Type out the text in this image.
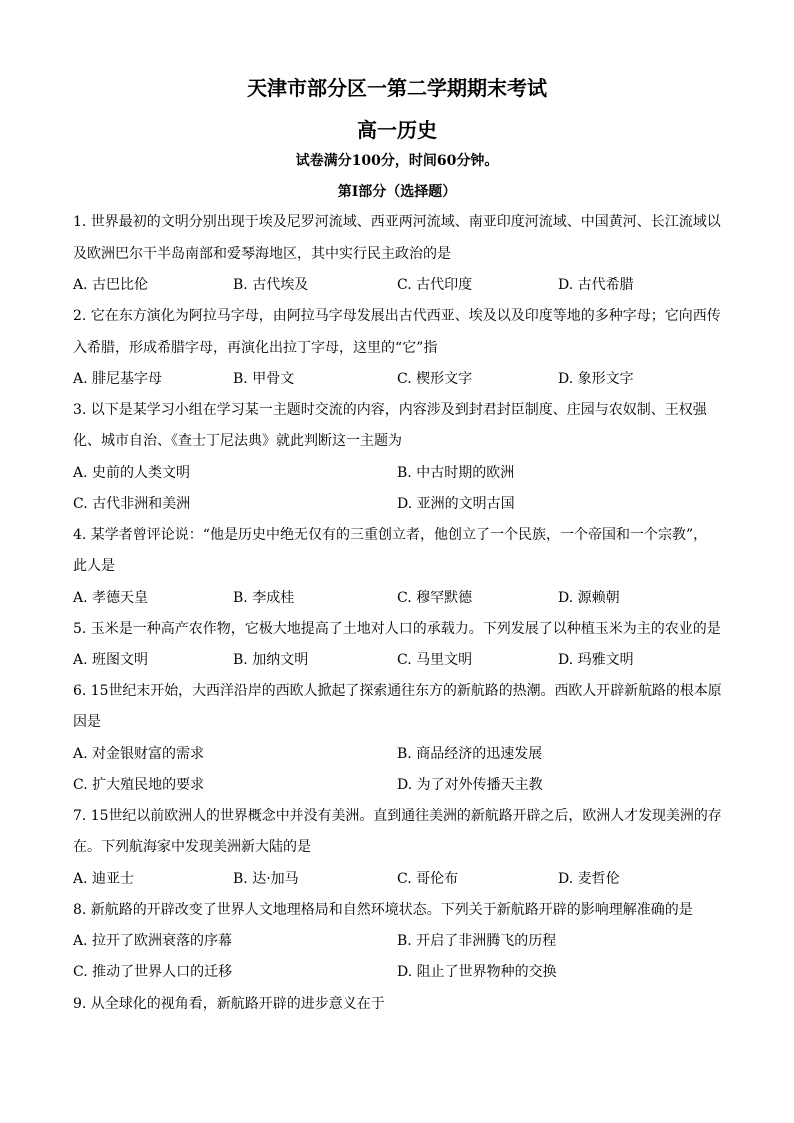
天津市部分区一第二学期期末考试
高一历史
试卷满分100分，时间60分钟。
第Ⅰ部分（选择题）
1. 世界最初的文明分别出现于埃及尼罗河流域、西亚两河流域、南亚印度河流域、中国黄河、长江流域以
及欧洲巴尔干半岛南部和爱琴海地区，其中实行民主政治的是
A. 古巴比伦	B. 古代埃及	C. 古代印度	D. 古代希腊
2. 它在东方演化为阿拉马字母，由阿拉马字母发展出古代西亚、埃及以及印度等地的多种字母；它向西传
入希腊，形成希腊字母，再演化出拉丁字母，这里的“它”指
A. 腓尼基字母	B. 甲骨文	C. 楔形文字	D. 象形文字
3. 以下是某学习小组在学习某一主题时交流的内容，内容涉及到封君封臣制度、庄园与农奴制、王权强
化、城市自治、《查士丁尼法典》就此判断这一主题为
A. 史前的人类文明	B. 中古时期的欧洲
C. 古代非洲和美洲	D. 亚洲的文明古国
4. 某学者曾评论说：“他是历史中绝无仅有的三重创立者，他创立了一个民族，一个帝国和一个宗教”，
此人是
A. 孝德天皇	B. 李成桂	C. 穆罕默德	D. 源赖朝
5. 玉米是一种高产农作物，它极大地提高了土地对人口的承载力。下列发展了以种植玉米为主的农业的是
A. 班图文明	B. 加纳文明	C. 马里文明	D. 玛雅文明
6. 15世纪末开始，大西洋沿岸的西欧人掀起了探索通往东方的新航路的热潮。西欧人开辟新航路的根本原
因是
A. 对金银财富的需求	B. 商品经济的迅速发展
C. 扩大殖民地的要求	D. 为了对外传播天主教
7. 15世纪以前欧洲人的世界概念中并没有美洲。直到通往美洲的新航路开辟之后，欧洲人才发现美洲的存
在。下列航海家中发现美洲新大陆的是
A. 迪亚士	B. 达·加马	C. 哥伦布	D. 麦哲伦
8. 新航路的开辟改变了世界人文地理格局和自然环境状态。下列关于新航路开辟的影响理解准确的是
A. 拉开了欧洲衰落的序幕	B. 开启了非洲腾飞的历程
C. 推动了世界人口的迁移	D. 阻止了世界物种的交换
9. 从全球化的视角看，新航路开辟的进步意义在于
